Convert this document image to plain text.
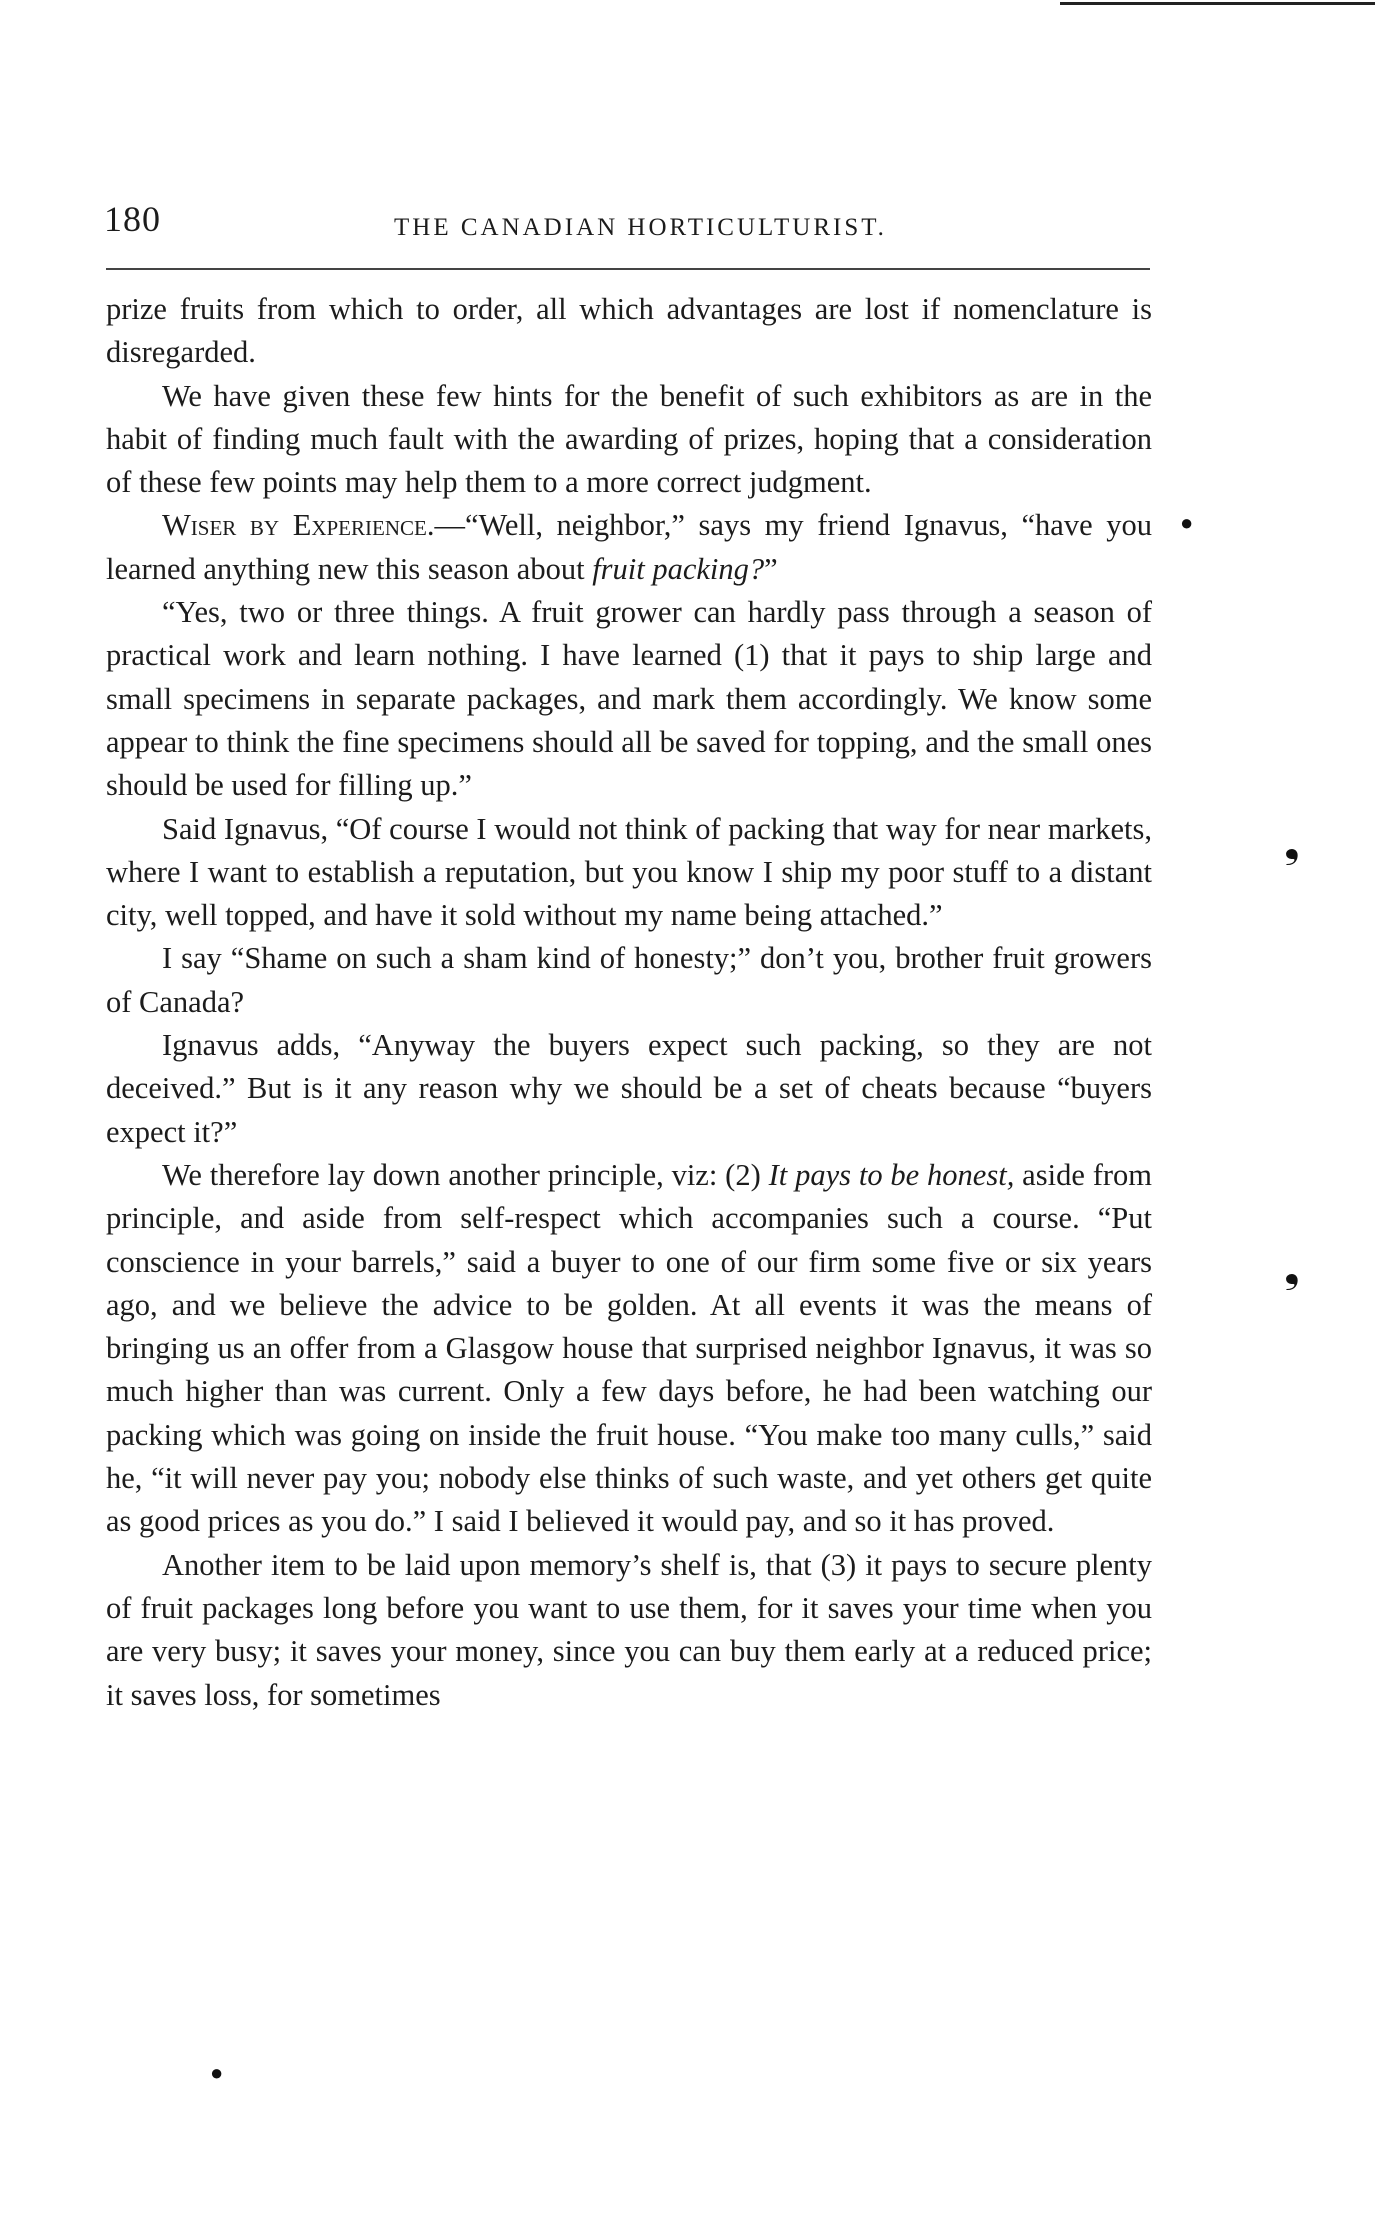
180	THE CANADIAN HORTICULTURIST.

prize fruits from which to order, all which advantages are lost if nomenclature is disregarded.

We have given these few hints for the benefit of such exhibitors as are in the habit of finding much fault with the awarding of prizes, hoping that a consideration of these few points may help them to a more correct judgment.

Wiser by Experience.—“Well, neighbor,” says my friend Ignavus, “have you learned anything new this season about fruit packing?”

“Yes, two or three things. A fruit grower can hardly pass through a season of practical work and learn nothing. I have learned (1) that it pays to ship large and small specimens in separate packages, and mark them accordingly. We know some appear to think the fine specimens should all be saved for topping, and the small ones should be used for filling up.”

Said Ignavus, “Of course I would not think of packing that way for near markets, where I want to establish a reputation, but you know I ship my poor stuff to a distant city, well topped, and have it sold without my name being attached.”

I say “Shame on such a sham kind of honesty;” don’t you, brother fruit growers of Canada?

Ignavus adds, “Anyway the buyers expect such packing, so they are not deceived.” But is it any reason why we should be a set of cheats because “buyers expect it?”

We therefore lay down another principle, viz: (2) It pays to be honest, aside from principle, and aside from self-respect which accompanies such a course. “Put conscience in your barrels,” said a buyer to one of our firm some five or six years ago, and we believe the advice to be golden. At all events it was the means of bringing us an offer from a Glasgow house that surprised neighbor Ignavus, it was so much higher than was current. Only a few days before, he had been watching our packing which was going on inside the fruit house. “You make too many culls,” said he, “it will never pay you; nobody else thinks of such waste, and yet others get quite as good prices as you do.” I said I believed it would pay, and so it has proved.

Another item to be laid upon memory’s shelf is, that (3) it pays to secure plenty of fruit packages long before you want to use them, for it saves your time when you are very busy; it saves your money, since you can buy them early at a reduced price; it saves loss, for sometimes

●
❟
❟
●
